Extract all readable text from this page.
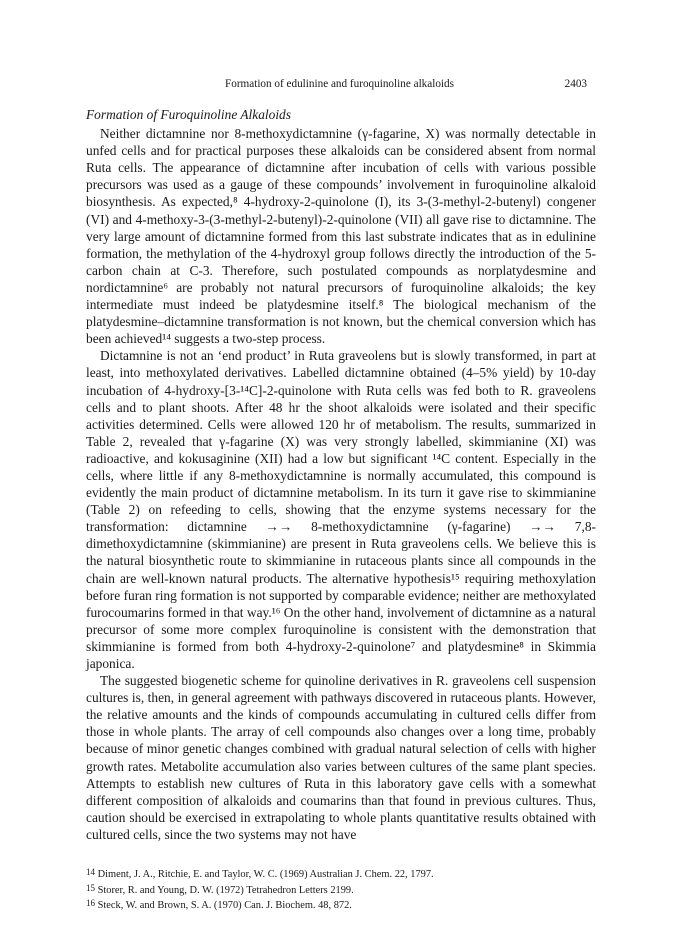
Formation of edulinine and furoquinoline alkaloids	2403
Formation of Furoquinoline Alkaloids

Neither dictamnine nor 8-methoxydictamnine (γ-fagarine, X) was normally detectable in unfed cells and for practical purposes these alkaloids can be considered absent from normal Ruta cells. The appearance of dictamnine after incubation of cells with various possible precursors was used as a gauge of these compounds’ involvement in furoquinoline alkaloid biosynthesis. As expected,⁸ 4-hydroxy-2-quinolone (I), its 3-(3-methyl-2-butenyl) congener (VI) and 4-methoxy-3-(3-methyl-2-butenyl)-2-quinolone (VII) all gave rise to dictamnine. The very large amount of dictamnine formed from this last substrate indicates that as in edulinine formation, the methylation of the 4-hydroxyl group follows directly the introduction of the 5-carbon chain at C-3. Therefore, such postulated compounds as norplatydesmine and nordictamnine⁶ are probably not natural precursors of furoquinoline alkaloids; the key intermediate must indeed be platydesmine itself.⁸ The biological mechanism of the platydesmine–dictamnine transformation is not known, but the chemical conversion which has been achieved¹⁴ suggests a two-step process.

Dictamnine is not an ‘end product’ in Ruta graveolens but is slowly transformed, in part at least, into methoxylated derivatives. Labelled dictamnine obtained (4–5% yield) by 10-day incubation of 4-hydroxy-[3-¹⁴C]-2-quinolone with Ruta cells was fed both to R. graveolens cells and to plant shoots. After 48 hr the shoot alkaloids were isolated and their specific activities determined. Cells were allowed 120 hr of metabolism. The results, summarized in Table 2, revealed that γ-fagarine (X) was very strongly labelled, skimmianine (XI) was radioactive, and kokusaginine (XII) had a low but significant ¹⁴C content. Especially in the cells, where little if any 8-methoxydictamnine is normally accumulated, this compound is evidently the main product of dictamnine metabolism. In its turn it gave rise to skimmianine (Table 2) on refeeding to cells, showing that the enzyme systems necessary for the transformation: dictamnine →→ 8-methoxydictamnine (γ-fagarine) →→ 7,8-dimethoxydictamnine (skimmianine) are present in Ruta graveolens cells. We believe this is the natural biosynthetic route to skimmianine in rutaceous plants since all compounds in the chain are well-known natural products. The alternative hypothesis¹⁵ requiring methoxylation before furan ring formation is not supported by comparable evidence; neither are methoxylated furocoumarins formed in that way.¹⁶ On the other hand, involvement of dictamnine as a natural precursor of some more complex furoquinoline is consistent with the demonstration that skimmianine is formed from both 4-hydroxy-2-quinolone⁷ and platydesmine⁸ in Skimmia japonica.

The suggested biogenetic scheme for quinoline derivatives in R. graveolens cell suspension cultures is, then, in general agreement with pathways discovered in rutaceous plants. However, the relative amounts and the kinds of compounds accumulating in cultured cells differ from those in whole plants. The array of cell compounds also changes over a long time, probably because of minor genetic changes combined with gradual natural selection of cells with higher growth rates. Metabolite accumulation also varies between cultures of the same plant species. Attempts to establish new cultures of Ruta in this laboratory gave cells with a somewhat different composition of alkaloids and coumarins than that found in previous cultures. Thus, caution should be exercised in extrapolating to whole plants quantitative results obtained with cultured cells, since the two systems may not have

14 Diment, J. A., Ritchie, E. and Taylor, W. C. (1969) Australian J. Chem. 22, 1797.
15 Storer, R. and Young, D. W. (1972) Tetrahedron Letters 2199.
16 Steck, W. and Brown, S. A. (1970) Can. J. Biochem. 48, 872.
